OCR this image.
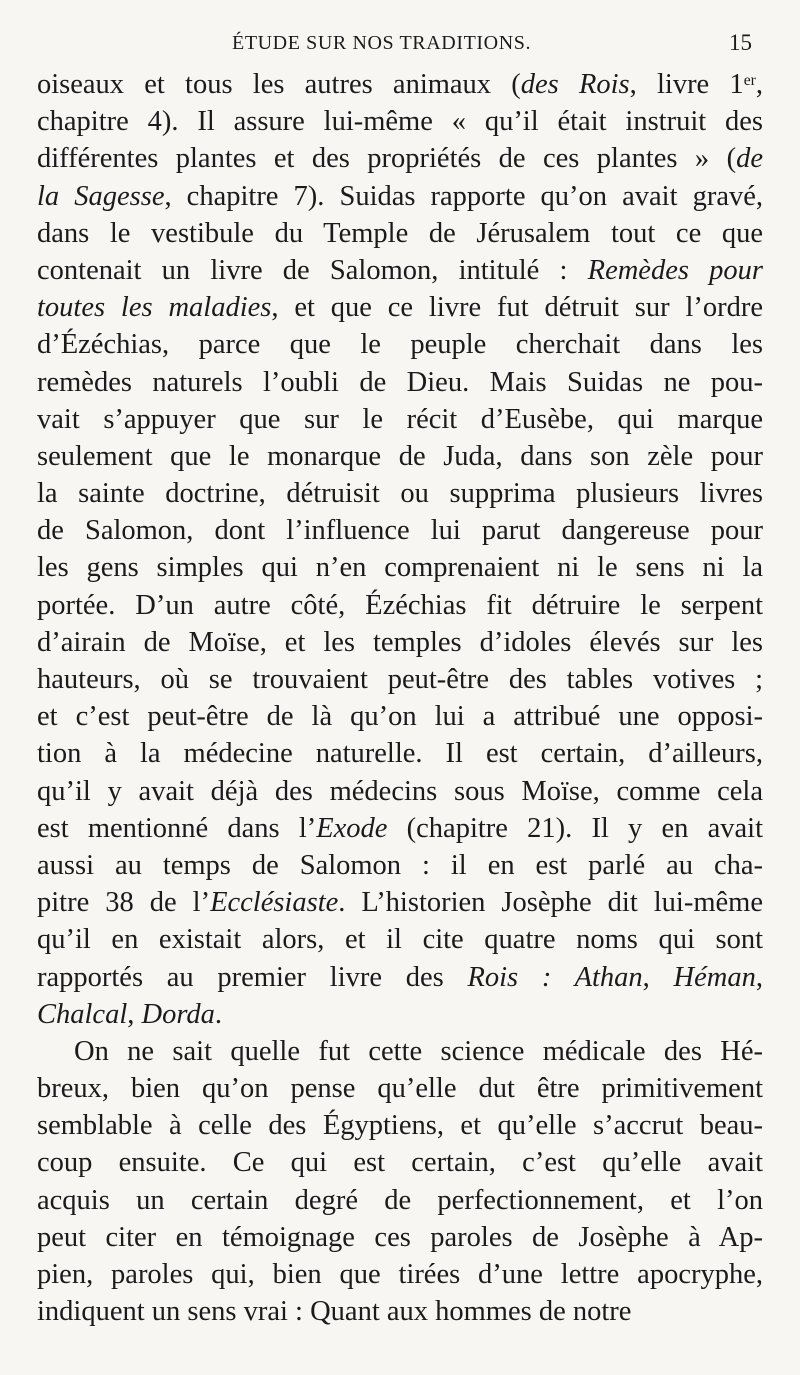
ÉTUDE SUR NOS TRADITIONS.	15
oiseaux et tous les autres animaux (des Rois, livre 1er,
chapitre 4). Il assure lui-même « qu’il était instruit des
différentes plantes et des propriétés de ces plantes » (de
la Sagesse, chapitre 7). Suidas rapporte qu’on avait gravé,
dans le vestibule du Temple de Jérusalem tout ce que
contenait un livre de Salomon, intitulé : Remèdes pour
toutes les maladies, et que ce livre fut détruit sur l’ordre
d’Ézéchias, parce que le peuple cherchait dans les
remèdes naturels l’oubli de Dieu. Mais Suidas ne pou-
vait s’appuyer que sur le récit d’Eusèbe, qui marque
seulement que le monarque de Juda, dans son zèle pour
la sainte doctrine, détruisit ou supprima plusieurs livres
de Salomon, dont l’influence lui parut dangereuse pour
les gens simples qui n’en comprenaient ni le sens ni la
portée. D’un autre côté, Ézéchias fit détruire le serpent
d’airain de Moïse, et les temples d’idoles élevés sur les
hauteurs, où se trouvaient peut-être des tables votives ;
et c’est peut-être de là qu’on lui a attribué une opposi-
tion à la médecine naturelle. Il est certain, d’ailleurs,
qu’il y avait déjà des médecins sous Moïse, comme cela
est mentionné dans l’Exode (chapitre 21). Il y en avait
aussi au temps de Salomon : il en est parlé au cha-
pitre 38 de l’Ecclésiaste. L’historien Josèphe dit lui-même
qu’il en existait alors, et il cite quatre noms qui sont
rapportés au premier livre des Rois : Athan, Héman,
Chalcal, Dorda.
On ne sait quelle fut cette science médicale des Hé-
breux, bien qu’on pense qu’elle dut être primitivement
semblable à celle des Égyptiens, et qu’elle s’accrut beau-
coup ensuite. Ce qui est certain, c’est qu’elle avait
acquis un certain degré de perfectionnement, et l’on
peut citer en témoignage ces paroles de Josèphe à Ap-
pien, paroles qui, bien que tirées d’une lettre apocryphe,
indiquent un sens vrai : Quant aux hommes de notre
